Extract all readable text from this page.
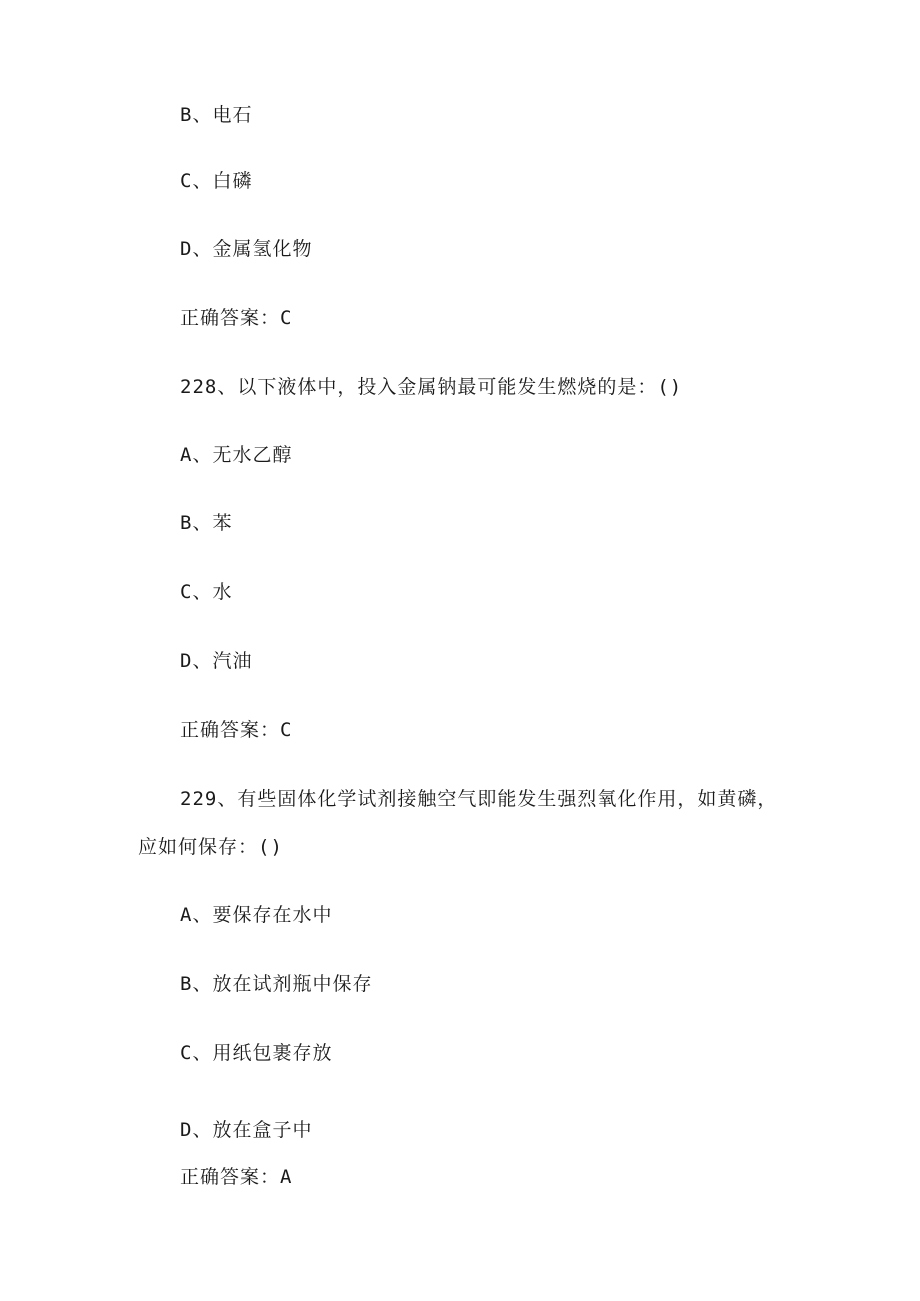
B、电石
C、白磷
D、金属氢化物
正确答案：C
228、以下液体中，投入金属钠最可能发生燃烧的是：()
A、无水乙醇
B、苯
C、水
D、汽油
正确答案：C
229、有些固体化学试剂接触空气即能发生强烈氧化作用，如黄磷，
应如何保存：()
A、要保存在水中
B、放在试剂瓶中保存
C、用纸包裹存放
D、放在盒子中
正确答案：A
